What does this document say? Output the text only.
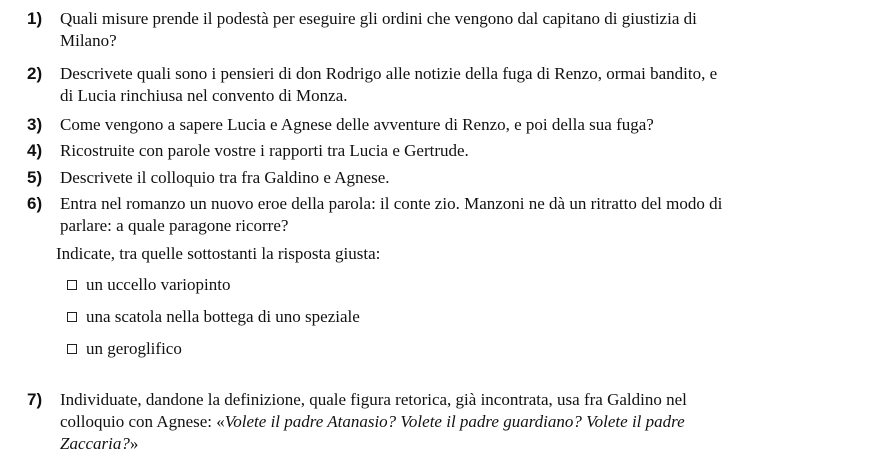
1) Quali misure prende il podestà per eseguire gli ordini che vengono dal capitano di giustizia di
Milano?
2) Descrivete quali sono i pensieri di don Rodrigo alle notizie della fuga di Renzo, ormai bandito, e
di Lucia rinchiusa nel convento di Monza.
3) Come vengono a sapere Lucia e Agnese delle avventure di Renzo, e poi della sua fuga?
4) Ricostruite con parole vostre i rapporti tra Lucia e Gertrude.
5) Descrivete il colloquio tra fra Galdino e Agnese.
6) Entra nel romanzo un nuovo eroe della parola: il conte zio. Manzoni ne dà un ritratto del modo di
parlare: a quale paragone ricorre?
Indicate, tra quelle sottostanti la risposta giusta:
un uccello variopinto
una scatola nella bottega di uno speziale
un geroglifico
7) Individuate, dandone la definizione, quale figura retorica, già incontrata, usa fra Galdino nel
colloquio con Agnese: «Volete il padre Atanasio? Volete il padre guardiano? Volete il padre
Zaccaria?»
